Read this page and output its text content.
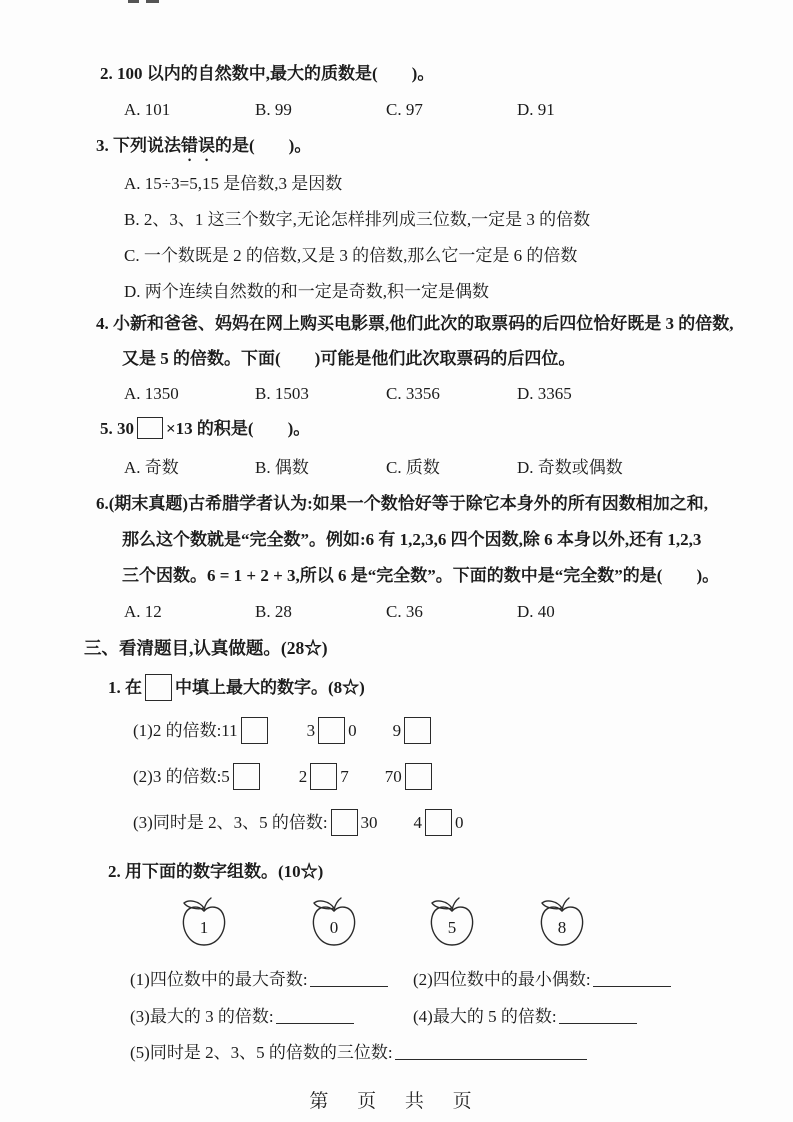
2. 100 以内的自然数中,最大的质数是(　　)。
A. 101	B. 99	C. 97	D. 91
3. 下列说法错误的是(　　)。
A. 15÷3=5,15 是倍数,3 是因数
B. 2、3、1 这三个数字,无论怎样排列成三位数,一定是 3 的倍数
C. 一个数既是 2 的倍数,又是 3 的倍数,那么它一定是 6 的倍数
D. 两个连续自然数的和一定是奇数,积一定是偶数
4. 小新和爸爸、妈妈在网上购买电影票,他们此次的取票码的后四位恰好既是 3 的倍数,
又是 5 的倍数。下面(　　)可能是他们此次取票码的后四位。
A. 1350	B. 1503	C. 3356	D. 3365
5. 30 ×13 的积是(　　)。
A. 奇数	B. 偶数	C. 质数	D. 奇数或偶数
6.(期末真题)古希腊学者认为:如果一个数恰好等于除它本身外的所有因数相加之和,
那么这个数就是“完全数”。例如:6 有 1,2,3,6 四个因数,除 6 本身以外,还有 1,2,3
三个因数。6 = 1 + 2 + 3,所以 6 是“完全数”。下面的数中是“完全数”的是(　　)。
A. 12	B. 28	C. 36	D. 40
三、看清题目,认真做题。(28☆)
1. 在 中填上最大的数字。(8☆)
(1)2 的倍数:11	3 0 9
(2)3 的倍数:5	2 7 70
(3)同时是 2、3、5 的倍数: 30 4 0
2. 用下面的数字组数。(10☆)
1	0	5	8
(1)四位数中的最大奇数:	(2)四位数中的最小偶数:
(3)最大的 3 的倍数:	(4)最大的 5 的倍数:
(5)同时是 2、3、5 的倍数的三位数:
第 页 共 页
